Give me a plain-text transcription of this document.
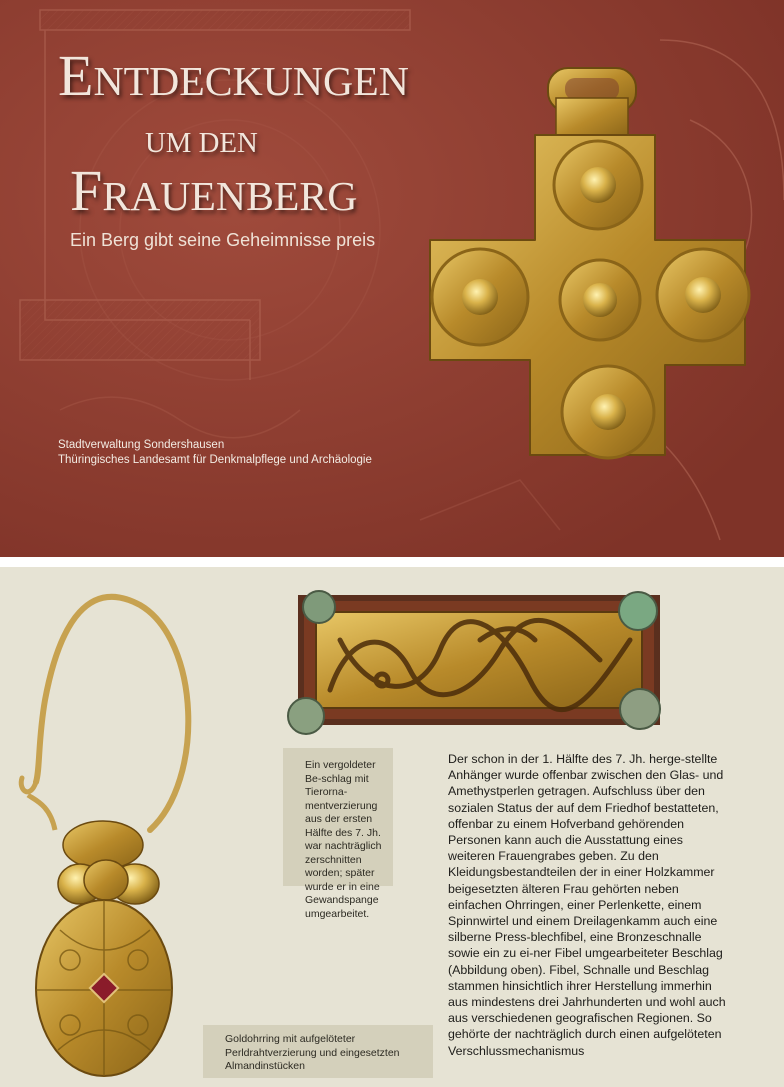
ENTDECKUNGEN
UM DEN
FRAUENBERG

Ein Berg gibt seine Geheimnisse preis

Stadtverwaltung Sondershausen
Thüringisches Landesamt für Denkmalpflege und Archäologie
Ein vergoldeter Be-schlag mit Tierorna-mentverzierung aus der ersten Hälfte des 7. Jh. war nachträglich zerschnitten worden; später wurde er in eine Gewandspange umgearbeitet.
Goldohrring mit aufgelöteter Perldrahtverzierung und eingesetzten Almandinstücken

Der schon in der 1. Hälfte des 7. Jh. herge-stellte Anhänger wurde offenbar zwischen den Glas- und Amethystperlen getragen. Aufschluss über den sozialen Status der auf dem Friedhof bestatteten, offenbar zu einem Hofverband gehörenden Personen kann auch die Ausstattung eines weiteren Frauengrabes geben. Zu den Kleidungsbestandteilen der in einer Holzkammer beigesetzten älteren Frau gehörten neben einfachen Ohrringen, einer Perlenkette, einem Spinnwirtel und einem Dreilagenkamm auch eine silberne Press-blechfibel, eine Bronzeschnalle sowie ein zu ei-ner Fibel umgearbeiteter Beschlag (Abbildung oben). Fibel, Schnalle und Beschlag stammen hinsichtlich ihrer Herstellung immerhin aus mindestens drei Jahrhunderten und wohl auch aus verschiedenen geografischen Regionen. So gehörte der nachträglich durch einen aufgelöteten Verschlussmechanismus
